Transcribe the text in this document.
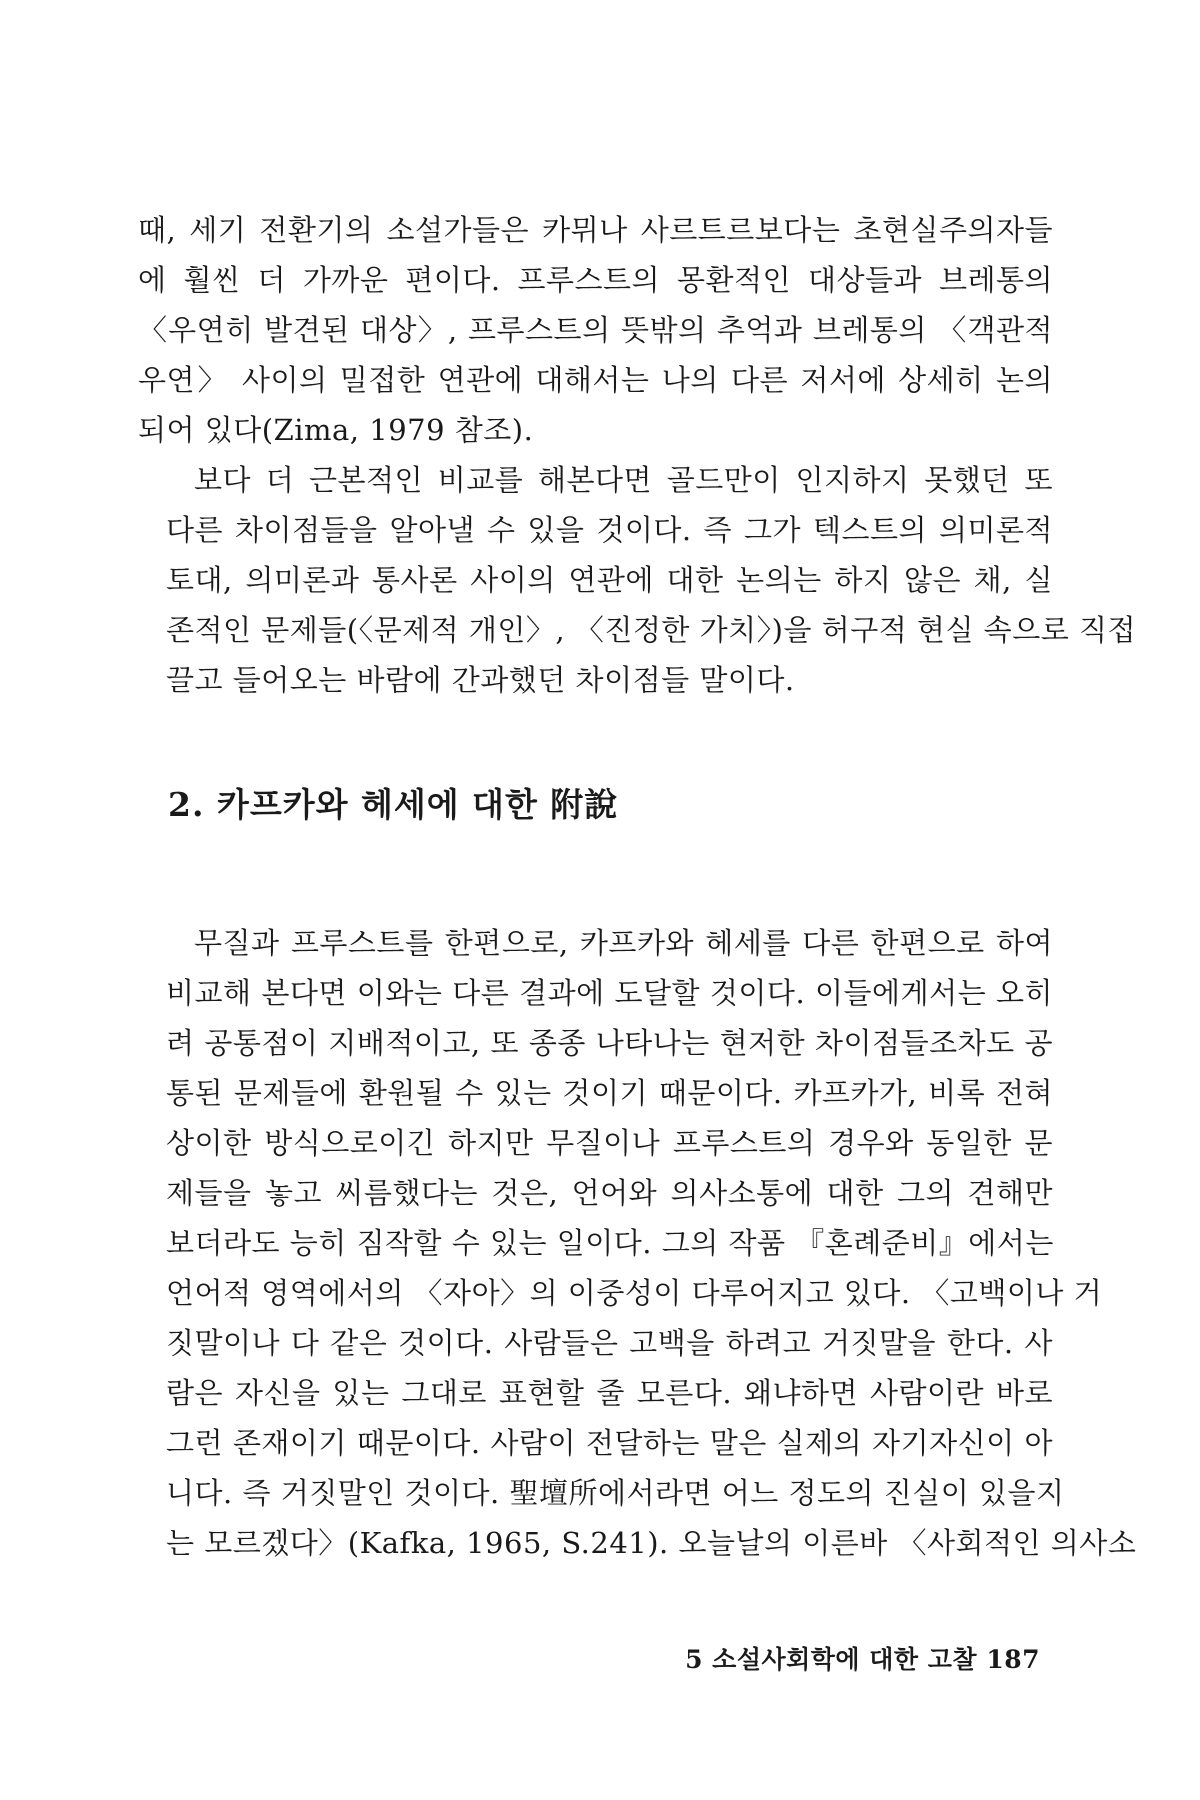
때, 세기 전환기의 소설가들은 카뮈나 사르트르보다는 초현실주의자들
에 훨씬 더 가까운 편이다. 프루스트의 몽환적인 대상들과 브레통의
〈우연히 발견된 대상〉, 프루스트의 뜻밖의 추억과 브레통의 〈객관적
우연〉 사이의 밀접한 연관에 대해서는 나의 다른 저서에 상세히 논의
되어 있다(Zima, 1979 참조).
보다 더 근본적인 비교를 해본다면 골드만이 인지하지 못했던 또
다른 차이점들을 알아낼 수 있을 것이다. 즉 그가 텍스트의 의미론적
토대, 의미론과 통사론 사이의 연관에 대한 논의는 하지 않은 채, 실
존적인 문제들(〈문제적 개인〉, 〈진정한 가치〉)을 허구적 현실 속으로 직접
끌고 들어오는 바람에 간과했던 차이점들 말이다.
2. 카프카와 헤세에 대한 附說
무질과 프루스트를 한편으로, 카프카와 헤세를 다른 한편으로 하여
비교해 본다면 이와는 다른 결과에 도달할 것이다. 이들에게서는 오히
려 공통점이 지배적이고, 또 종종 나타나는 현저한 차이점들조차도 공
통된 문제들에 환원될 수 있는 것이기 때문이다. 카프카가, 비록 전혀
상이한 방식으로이긴 하지만 무질이나 프루스트의 경우와 동일한 문
제들을 놓고 씨름했다는 것은, 언어와 의사소통에 대한 그의 견해만
보더라도 능히 짐작할 수 있는 일이다. 그의 작품 『혼례준비』에서는
언어적 영역에서의 〈자아〉의 이중성이 다루어지고 있다. 〈고백이나 거
짓말이나 다 같은 것이다. 사람들은 고백을 하려고 거짓말을 한다. 사
람은 자신을 있는 그대로 표현할 줄 모른다. 왜냐하면 사람이란 바로
그런 존재이기 때문이다. 사람이 전달하는 말은 실제의 자기자신이 아
니다. 즉 거짓말인 것이다. 聖壇所에서라면 어느 정도의 진실이 있을지
는 모르겠다〉(Kafka, 1965, S.241). 오늘날의 이른바 〈사회적인 의사소
5 소설사회학에 대한 고찰 187
